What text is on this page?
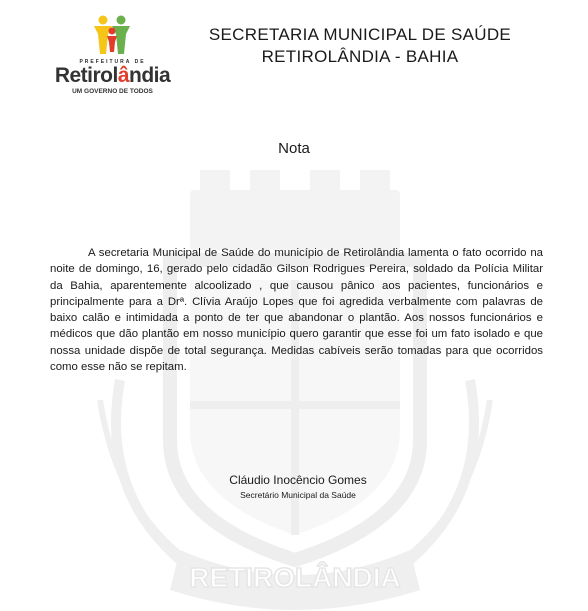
RETIROLÂNDIA
PREFEITURA DE
Retirolândia
UM GOVERNO DE TODOS
SECRETARIA MUNICIPAL DE SAÚDE
RETIROLÂNDIA - BAHIA
Nota

A secretaria Municipal de Saúde do município de Retirolândia lamenta o fato ocorrido na noite de domingo, 16, gerado pelo cidadão Gilson Rodrigues Pereira, soldado da Polícia Militar da Bahia, aparentemente alcoolizado , que causou pânico aos pacientes, funcionários e principalmente para a Drª. Clívia Araújo Lopes que foi agredida verbalmente com palavras de baixo calão e intimidada a ponto de ter que abandonar o plantão. Aos nossos funcionários e médicos que dão plantão em nosso município quero garantir que esse foi um fato isolado e que nossa unidade dispõe de total segurança. Medidas cabíveis serão tomadas para que ocorridos como esse não se repitam.

Cláudio Inocêncio Gomes
Secretário Municipal da Saúde
